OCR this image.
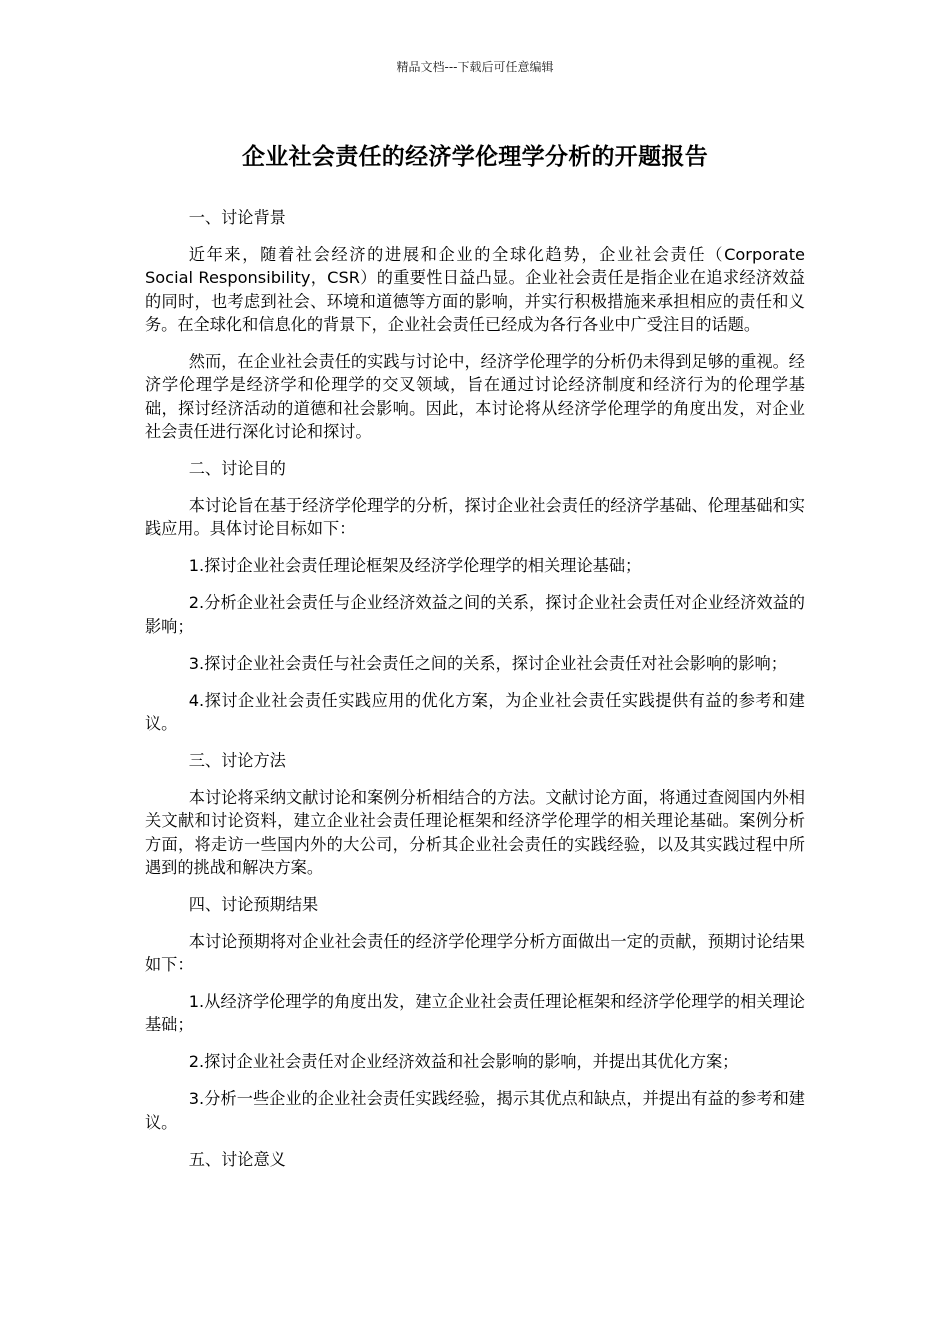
精品文档---下载后可任意编辑
企业社会责任的经济学伦理学分析的开题报告

一、讨论背景

近年来，随着社会经济的进展和企业的全球化趋势，企业社会责任（Corporate Social Responsibility，CSR）的重要性日益凸显。企业社会责任是指企业在追求经济效益的同时，也考虑到社会、环境和道德等方面的影响，并实行积极措施来承担相应的责任和义务。在全球化和信息化的背景下，企业社会责任已经成为各行各业中广受注目的话题。

然而，在企业社会责任的实践与讨论中，经济学伦理学的分析仍未得到足够的重视。经济学伦理学是经济学和伦理学的交叉领域，旨在通过讨论经济制度和经济行为的伦理学基础，探讨经济活动的道德和社会影响。因此，本讨论将从经济学伦理学的角度出发，对企业社会责任进行深化讨论和探讨。

二、讨论目的

本讨论旨在基于经济学伦理学的分析，探讨企业社会责任的经济学基础、伦理基础和实践应用。具体讨论目标如下：

1.探讨企业社会责任理论框架及经济学伦理学的相关理论基础；

2.分析企业社会责任与企业经济效益之间的关系，探讨企业社会责任对企业经济效益的影响；

3.探讨企业社会责任与社会责任之间的关系，探讨企业社会责任对社会影响的影响；

4.探讨企业社会责任实践应用的优化方案，为企业社会责任实践提供有益的参考和建议。

三、讨论方法

本讨论将采纳文献讨论和案例分析相结合的方法。文献讨论方面，将通过查阅国内外相关文献和讨论资料，建立企业社会责任理论框架和经济学伦理学的相关理论基础。案例分析方面，将走访一些国内外的大公司，分析其企业社会责任的实践经验，以及其实践过程中所遇到的挑战和解决方案。

四、讨论预期结果

本讨论预期将对企业社会责任的经济学伦理学分析方面做出一定的贡献，预期讨论结果如下：

1.从经济学伦理学的角度出发，建立企业社会责任理论框架和经济学伦理学的相关理论基础；

2.探讨企业社会责任对企业经济效益和社会影响的影响，并提出其优化方案；

3.分析一些企业的企业社会责任实践经验，揭示其优点和缺点，并提出有益的参考和建议。

五、讨论意义
